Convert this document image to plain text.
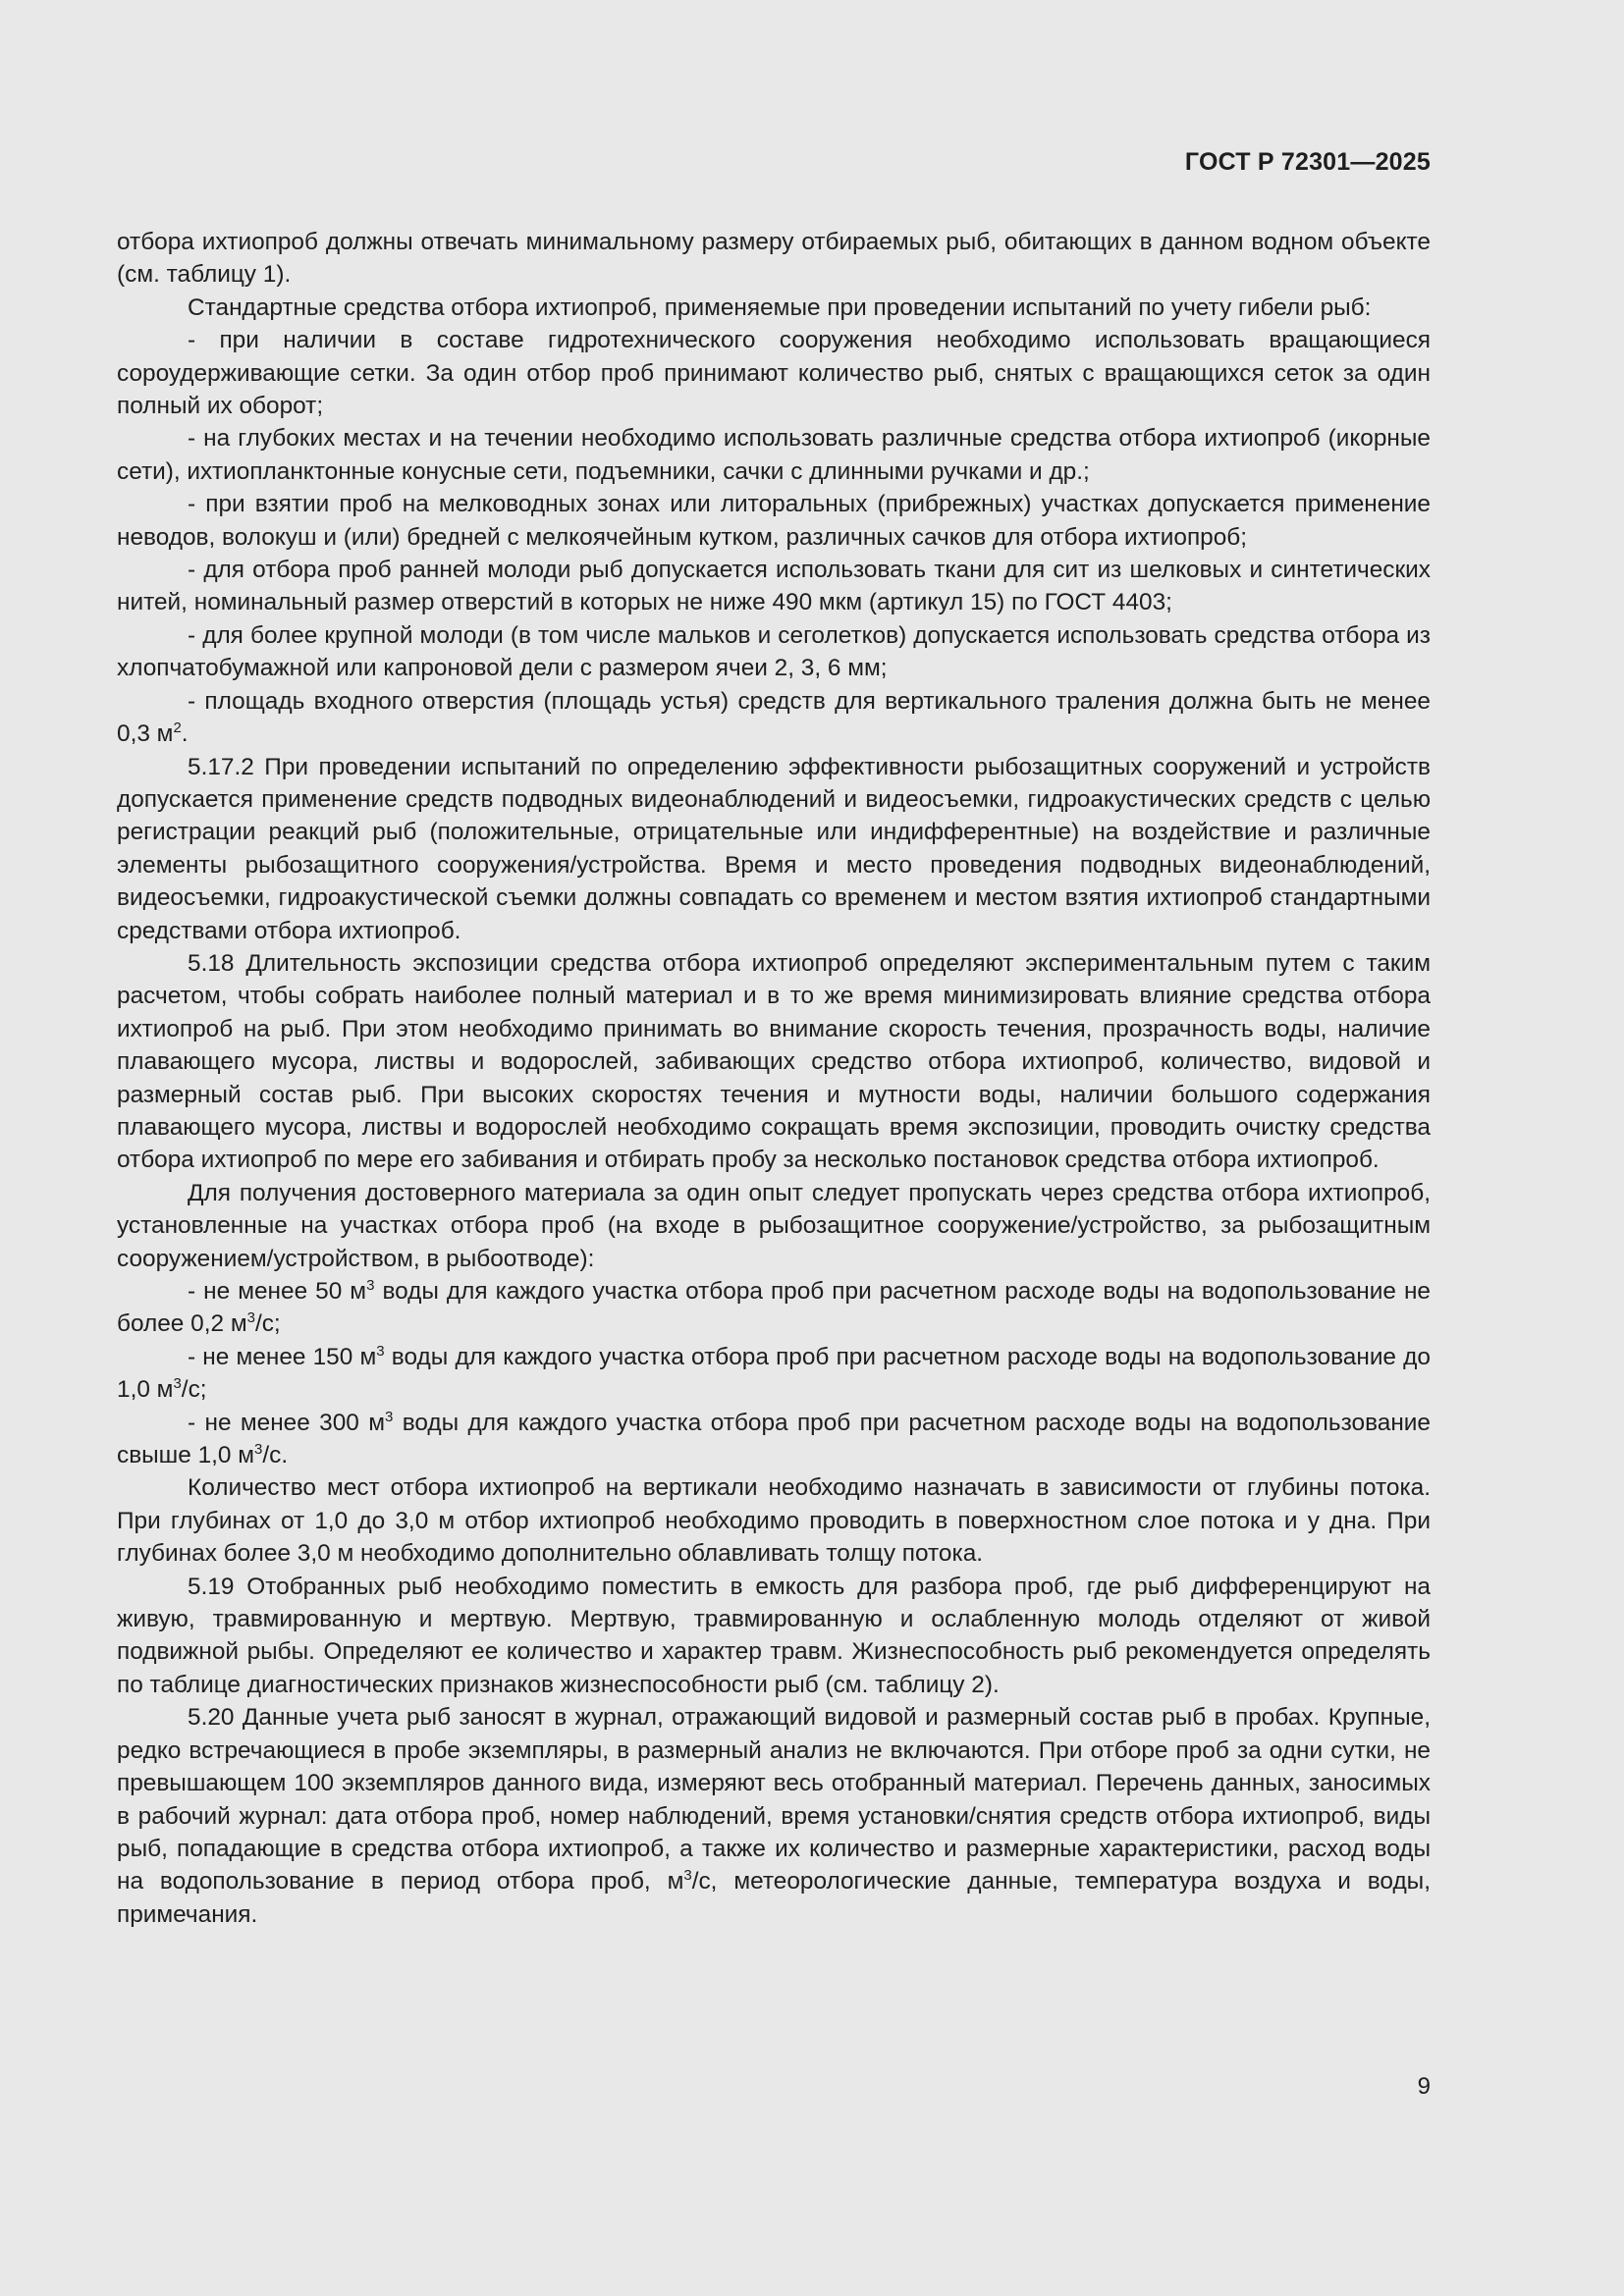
ГОСТ Р 72301—2025

отбора ихтиопроб должны отвечать минимальному размеру отбираемых рыб, обитающих в данном водном объекте (см. таблицу 1).

Стандартные средства отбора ихтиопроб, применяемые при проведении испытаний по учету гибели рыб:

- при наличии в составе гидротехнического сооружения необходимо использовать вращающиеся сороудерживающие сетки. За один отбор проб принимают количество рыб, снятых с вращающихся сеток за один полный их оборот;

- на глубоких местах и на течении необходимо использовать различные средства отбора ихтиопроб (икорные сети), ихтиопланктонные конусные сети, подъемники, сачки с длинными ручками и др.;

- при взятии проб на мелководных зонах или литоральных (прибрежных) участках допускается применение неводов, волокуш и (или) бредней с мелкоячейным кутком, различных сачков для отбора ихтиопроб;

- для отбора проб ранней молоди рыб допускается использовать ткани для сит из шелковых и синтетических нитей, номинальный размер отверстий в которых не ниже 490 мкм (артикул 15) по ГОСТ 4403;

- для более крупной молоди (в том числе мальков и сеголетков) допускается использовать средства отбора из хлопчатобумажной или капроновой дели с размером ячеи 2, 3, 6 мм;

- площадь входного отверстия (площадь устья) средств для вертикального траления должна быть не менее 0,3 $м^2$.

5.17.2 При проведении испытаний по определению эффективности рыбозащитных сооружений и устройств допускается применение средств подводных видеонаблюдений и видеосъемки, гидроакустических средств с целью регистрации реакций рыб (положительные, отрицательные или индифферентные) на воздействие и различные элементы рыбозащитного сооружения/устройства. Время и место проведения подводных видеонаблюдений, видеосъемки, гидроакустической съемки должны совпадать со временем и местом взятия ихтиопроб стандартными средствами отбора ихтиопроб.

5.18 Длительность экспозиции средства отбора ихтиопроб определяют экспериментальным путем с таким расчетом, чтобы собрать наиболее полный материал и в то же время минимизировать влияние средства отбора ихтиопроб на рыб. При этом необходимо принимать во внимание скорость течения, прозрачность воды, наличие плавающего мусора, листвы и водорослей, забивающих средство отбора ихтиопроб, количество, видовой и размерный состав рыб. При высоких скоростях течения и мутности воды, наличии большого содержания плавающего мусора, листвы и водорослей необходимо сокращать время экспозиции, проводить очистку средства отбора ихтиопроб по мере его забивания и отбирать пробу за несколько постановок средства отбора ихтиопроб.

Для получения достоверного материала за один опыт следует пропускать через средства отбора ихтиопроб, установленные на участках отбора проб (на входе в рыбозащитное сооружение/устройство, за рыбозащитным сооружением/устройством, в рыбоотводе):

- не менее 50 $м^3$ воды для каждого участка отбора проб при расчетном расходе воды на водопользование не более 0,2 $м^3/с$;

- не менее 150 $м^3$ воды для каждого участка отбора проб при расчетном расходе воды на водопользование до 1,0 $м^3/с$;

- не менее 300 $м^3$ воды для каждого участка отбора проб при расчетном расходе воды на водопользование свыше 1,0 $м^3/с$.

Количество мест отбора ихтиопроб на вертикали необходимо назначать в зависимости от глубины потока. При глубинах от 1,0 до 3,0 м отбор ихтиопроб необходимо проводить в поверхностном слое потока и у дна. При глубинах более 3,0 м необходимо дополнительно облавливать толщу потока.

5.19 Отобранных рыб необходимо поместить в емкость для разбора проб, где рыб дифференцируют на живую, травмированную и мертвую. Мертвую, травмированную и ослабленную молодь отделяют от живой подвижной рыбы. Определяют ее количество и характер травм. Жизнеспособность рыб рекомендуется определять по таблице диагностических признаков жизнеспособности рыб (см. таблицу 2).

5.20 Данные учета рыб заносят в журнал, отражающий видовой и размерный состав рыб в пробах. Крупные, редко встречающиеся в пробе экземпляры, в размерный анализ не включаются. При отборе проб за одни сутки, не превышающем 100 экземпляров данного вида, измеряют весь отобранный материал. Перечень данных, заносимых в рабочий журнал: дата отбора проб, номер наблюдений, время установки/снятия средств отбора ихтиопроб, виды рыб, попадающие в средства отбора ихтиопроб, а также их количество и размерные характеристики, расход воды на водопользование в период отбора проб, $м^3/с$, метеорологические данные, температура воздуха и воды, примечания.

9
